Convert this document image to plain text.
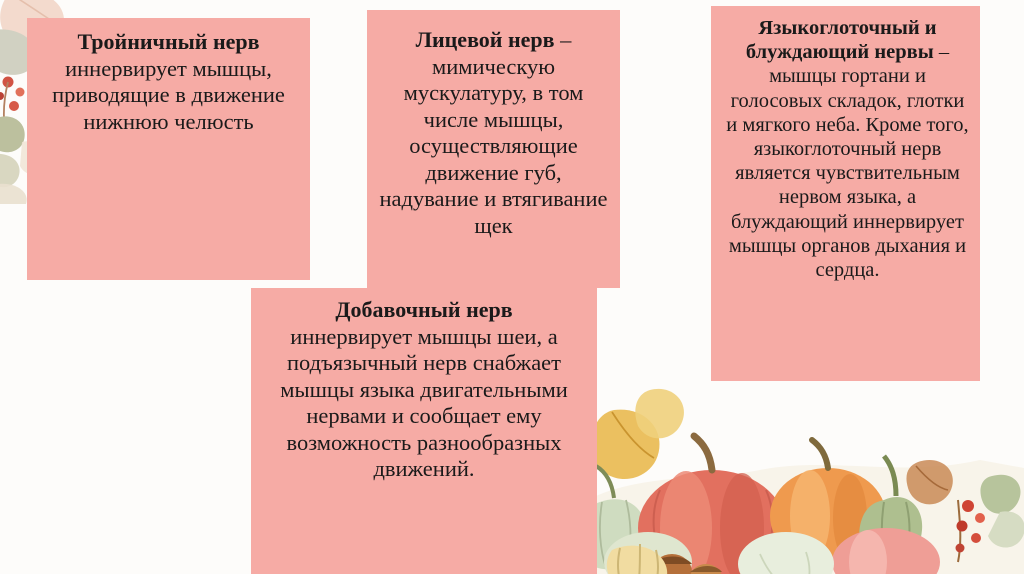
Тройничный нерв
иннервирует мышцы, приводящие в движение нижнюю челюсть

Лицевой нерв – мимическую мускулатуру, в том числе мышцы, осуществляющие движение губ, надувание и втягивание щек

Языкоглоточный и блуждающий нервы – мышцы гортани и голосовых складок, глотки и мягкого неба. Кроме того, языкоглоточный нерв является чувствительным нервом языка, а блуждающий иннервирует мышцы органов дыхания и сердца.

Добавочный нерв
иннервирует мышцы шеи, а подъязычный нерв снабжает мышцы языка двигательными нервами и сообщает ему возможность разнообразных движений.
